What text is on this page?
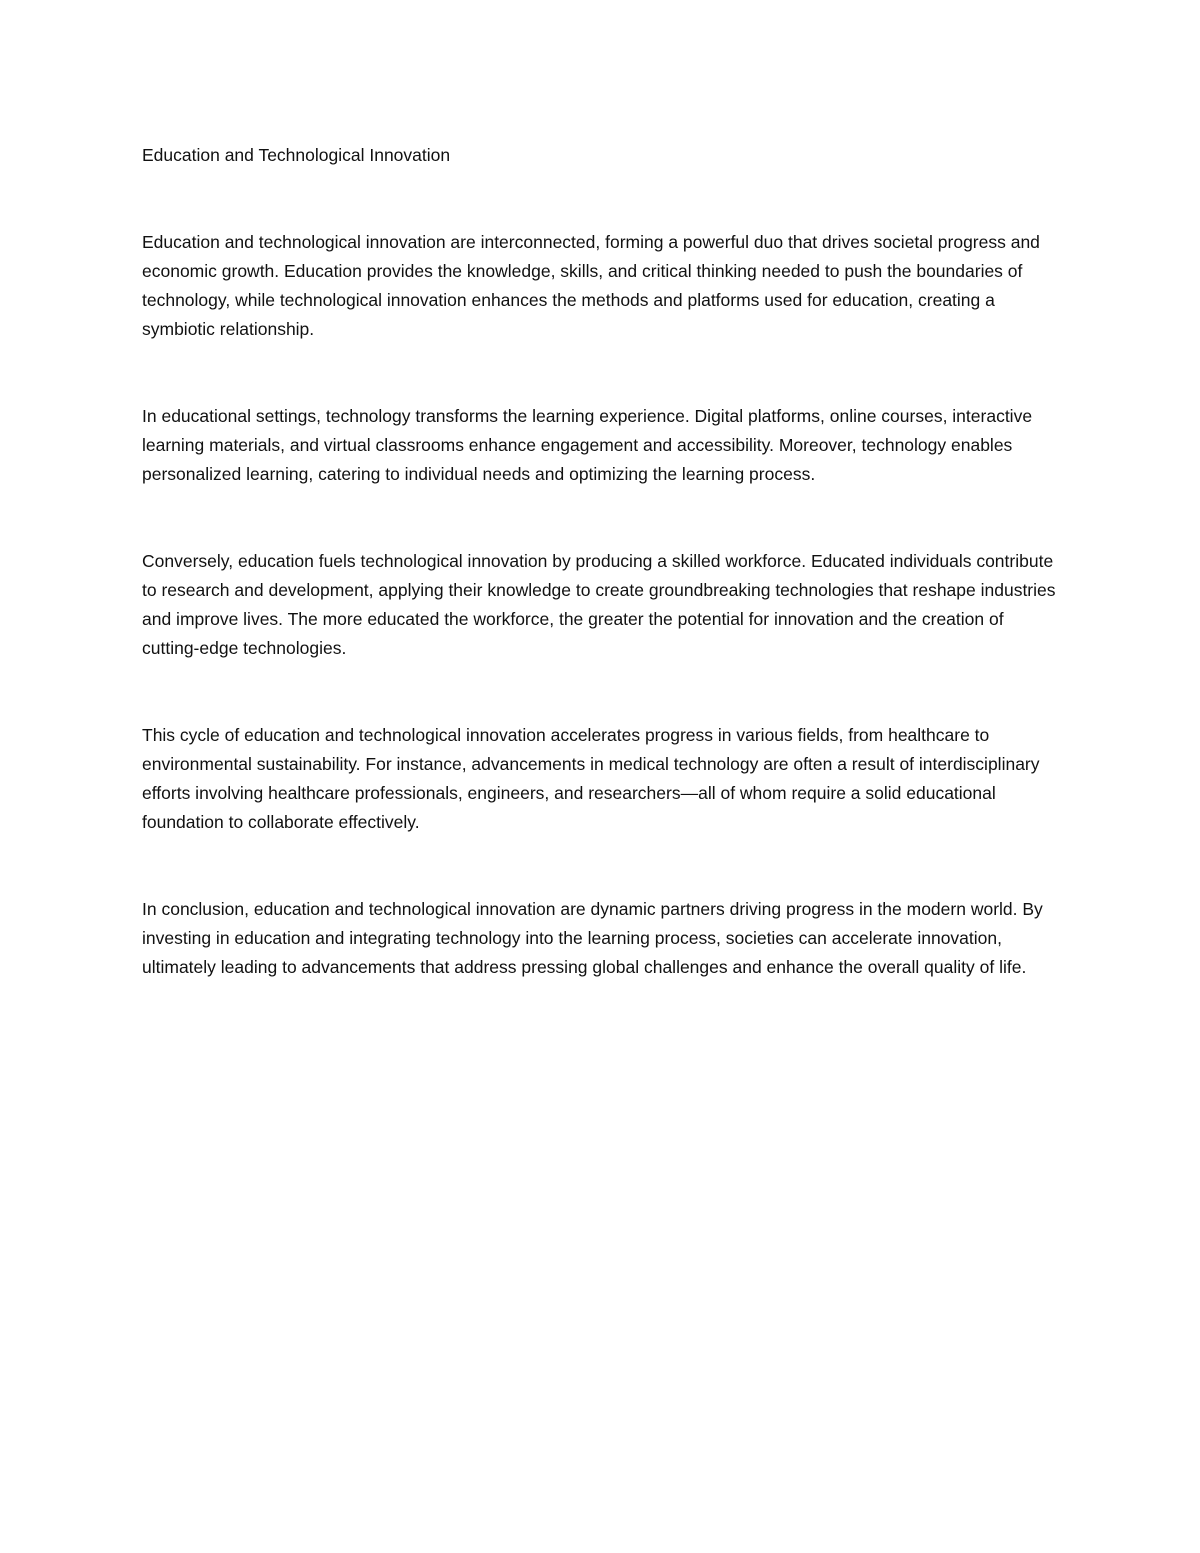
Education and Technological Innovation

Education and technological innovation are interconnected, forming a powerful duo that drives societal progress and economic growth. Education provides the knowledge, skills, and critical thinking needed to push the boundaries of technology, while technological innovation enhances the methods and platforms used for education, creating a symbiotic relationship.

In educational settings, technology transforms the learning experience. Digital platforms, online courses, interactive learning materials, and virtual classrooms enhance engagement and accessibility. Moreover, technology enables personalized learning, catering to individual needs and optimizing the learning process.

Conversely, education fuels technological innovation by producing a skilled workforce. Educated individuals contribute to research and development, applying their knowledge to create groundbreaking technologies that reshape industries and improve lives. The more educated the workforce, the greater the potential for innovation and the creation of cutting-edge technologies.

This cycle of education and technological innovation accelerates progress in various fields, from healthcare to environmental sustainability. For instance, advancements in medical technology are often a result of interdisciplinary efforts involving healthcare professionals, engineers, and researchers—all of whom require a solid educational foundation to collaborate effectively.

In conclusion, education and technological innovation are dynamic partners driving progress in the modern world. By investing in education and integrating technology into the learning process, societies can accelerate innovation, ultimately leading to advancements that address pressing global challenges and enhance the overall quality of life.
